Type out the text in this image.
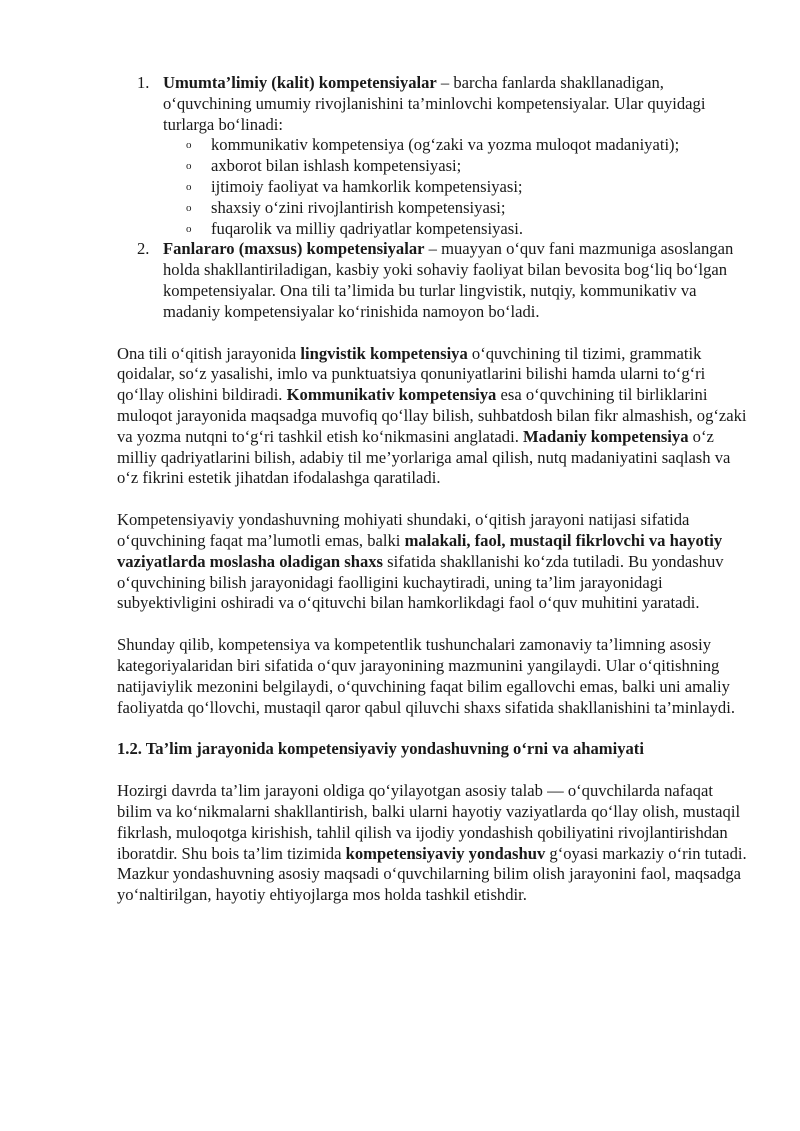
1. Umumta’limiy (kalit) kompetensiyalar – barcha fanlarda shakllanadigan, o‘quvchining umumiy rivojlanishini ta’minlovchi kompetensiyalar. Ular quyidagi turlarga bo‘linadi:
o kommunikativ kompetensiya (og‘zaki va yozma muloqot madaniyati);
o axborot bilan ishlash kompetensiyasi;
o ijtimoiy faoliyat va hamkorlik kompetensiyasi;
o shaxsiy o‘zini rivojlantirish kompetensiyasi;
o fuqarolik va milliy qadriyatlar kompetensiyasi.
2. Fanlararo (maxsus) kompetensiyalar – muayyan o‘quv fani mazmuniga asoslangan holda shakllantiriladigan, kasbiy yoki sohaviy faoliyat bilan bevosita bog‘liq bo‘lgan kompetensiyalar. Ona tili ta’limida bu turlar lingvistik, nutqiy, kommunikativ va madaniy kompetensiyalar ko‘rinishida namoyon bo‘ladi.

Ona tili o‘qitish jarayonida lingvistik kompetensiya o‘quvchining til tizimi, grammatik qoidalar, so‘z yasalishi, imlo va punktuatsiya qonuniyatlarini bilishi hamda ularni to‘g‘ri qo‘llay olishini bildiradi. Kommunikativ kompetensiya esa o‘quvchining til birliklarini muloqot jarayonida maqsadga muvofiq qo‘llay bilish, suhbatdosh bilan fikr almashish, og‘zaki va yozma nutqni to‘g‘ri tashkil etish ko‘nikmasini anglatadi. Madaniy kompetensiya o‘z milliy qadriyatlarini bilish, adabiy til me’yorlariga amal qilish, nutq madaniyatini saqlash va o‘z fikrini estetik jihatdan ifodalashga qaratiladi.

Kompetensiyaviy yondashuvning mohiyati shundaki, o‘qitish jarayoni natijasi sifatida o‘quvchining faqat ma’lumotli emas, balki malakali, faol, mustaqil fikrlovchi va hayotiy vaziyatlarda moslasha oladigan shaxs sifatida shakllanishi ko‘zda tutiladi. Bu yondashuv o‘quvchining bilish jarayonidagi faolligini kuchaytiradi, uning ta’lim jarayonidagi subyektivligini oshiradi va o‘qituvchi bilan hamkorlikdagi faol o‘quv muhitini yaratadi.

Shunday qilib, kompetensiya va kompetentlik tushunchalari zamonaviy ta’limning asosiy kategoriyalaridan biri sifatida o‘quv jarayonining mazmunini yangilaydi. Ular o‘qitishning natijaviylik mezonini belgilaydi, o‘quvchining faqat bilim egallovchi emas, balki uni amaliy faoliyatda qo‘llovchi, mustaqil qaror qabul qiluvchi shaxs sifatida shakllanishini ta’minlaydi.

1.2. Ta’lim jarayonida kompetensiyaviy yondashuvning o‘rni va ahamiyati

Hozirgi davrda ta’lim jarayoni oldiga qo‘yilayotgan asosiy talab — o‘quvchilarda nafaqat bilim va ko‘nikmalarni shakllantirish, balki ularni hayotiy vaziyatlarda qo‘llay olish, mustaqil fikrlash, muloqotga kirishish, tahlil qilish va ijodiy yondashish qobiliyatini rivojlantirishdan iboratdir. Shu bois ta’lim tizimida kompetensiyaviy yondashuv g‘oyasi markaziy o‘rin tutadi. Mazkur yondashuvning asosiy maqsadi o‘quvchilarning bilim olish jarayonini faol, maqsadga yo‘naltirilgan, hayotiy ehtiyojlarga mos holda tashkil etishdir.
